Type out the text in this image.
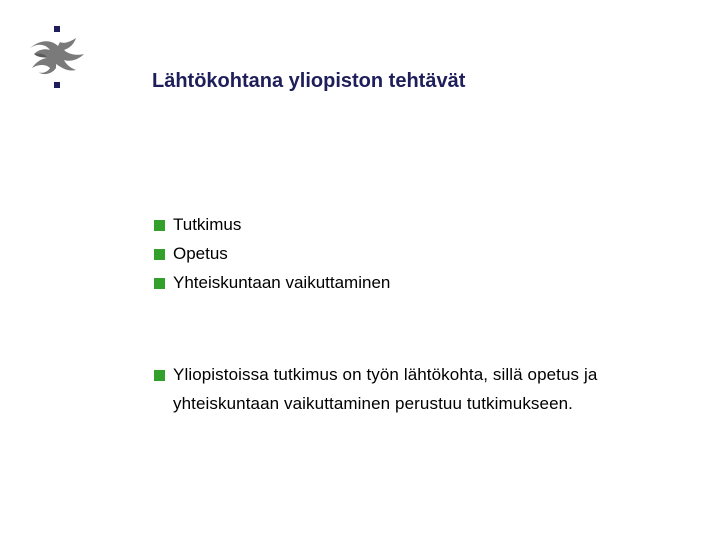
Lähtökohtana yliopiston tehtävät
Tutkimus
Opetus
Yhteiskuntaan vaikuttaminen
Yliopistoissa tutkimus on työn lähtökohta, sillä opetus ja yhteiskuntaan vaikuttaminen perustuu tutkimukseen.
